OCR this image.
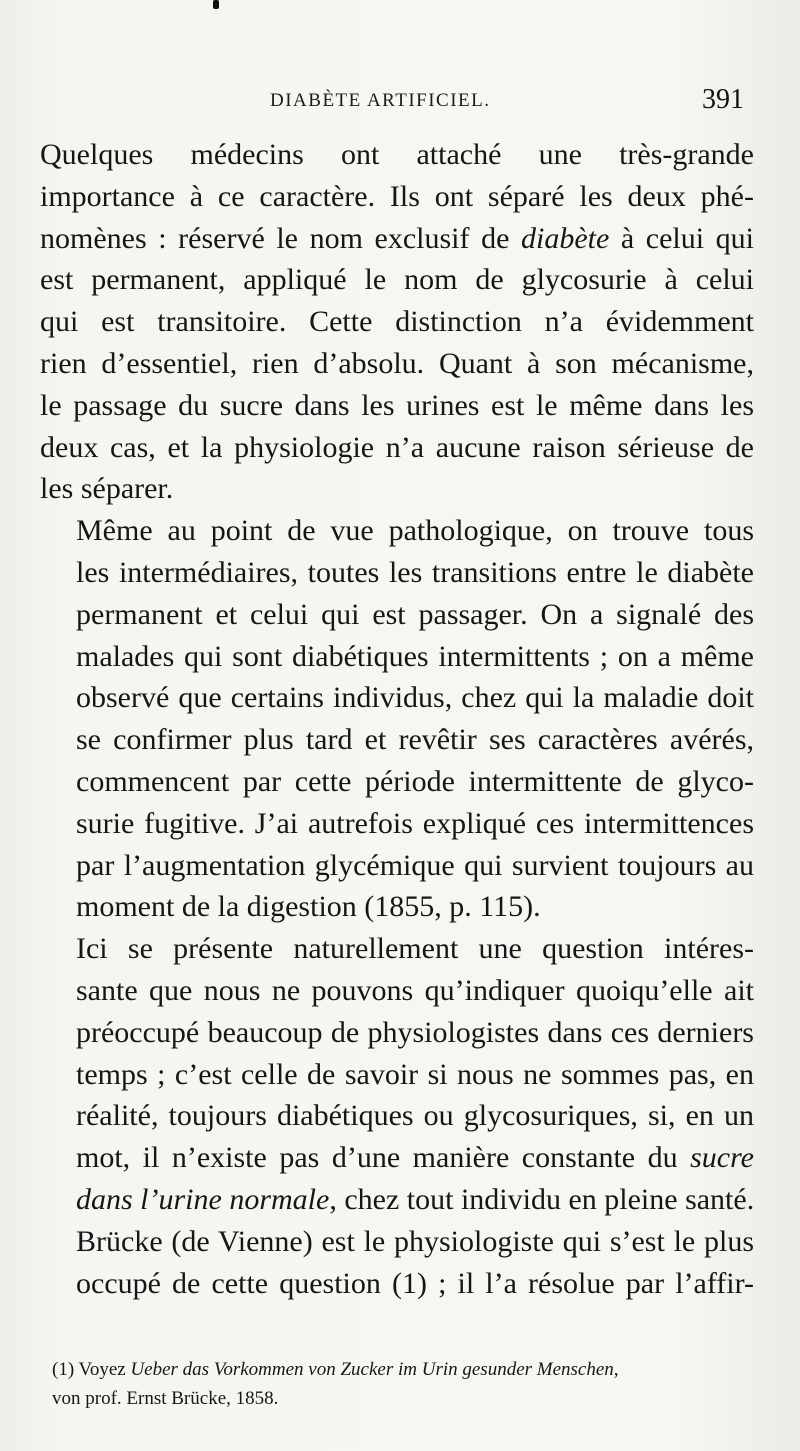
DIABÈTE ARTIFICIEL.	391

Quelques médecins ont attaché une très-grande
importance à ce caractère. Ils ont séparé les deux phé-
nomènes : réservé le nom exclusif de diabète à celui qui
est permanent, appliqué le nom de glycosurie à celui
qui est transitoire. Cette distinction n’a évidemment
rien d’essentiel, rien d’absolu. Quant à son mécanisme,
le passage du sucre dans les urines est le même dans les
deux cas, et la physiologie n’a aucune raison sérieuse de
les séparer.

Même au point de vue pathologique, on trouve tous
les intermédiaires, toutes les transitions entre le diabète
permanent et celui qui est passager. On a signalé des
malades qui sont diabétiques intermittents ; on a même
observé que certains individus, chez qui la maladie doit
se confirmer plus tard et revêtir ses caractères avérés,
commencent par cette période intermittente de glyco-
surie fugitive. J’ai autrefois expliqué ces intermittences
par l’augmentation glycémique qui survient toujours au
moment de la digestion (1855, p. 115).

Ici se présente naturellement une question intéres-
sante que nous ne pouvons qu’indiquer quoiqu’elle ait
préoccupé beaucoup de physiologistes dans ces derniers
temps ; c’est celle de savoir si nous ne sommes pas, en
réalité, toujours diabétiques ou glycosuriques, si, en un
mot, il n’existe pas d’une manière constante du sucre
dans l’urine normale, chez tout individu en pleine santé.
Brücke (de Vienne) est le physiologiste qui s’est le plus
occupé de cette question (1) ; il l’a résolue par l’affir-

(1) Voyez Ueber das Vorkommen von Zucker im Urin gesunder Menschen,
von prof. Ernst Brücke, 1858.
